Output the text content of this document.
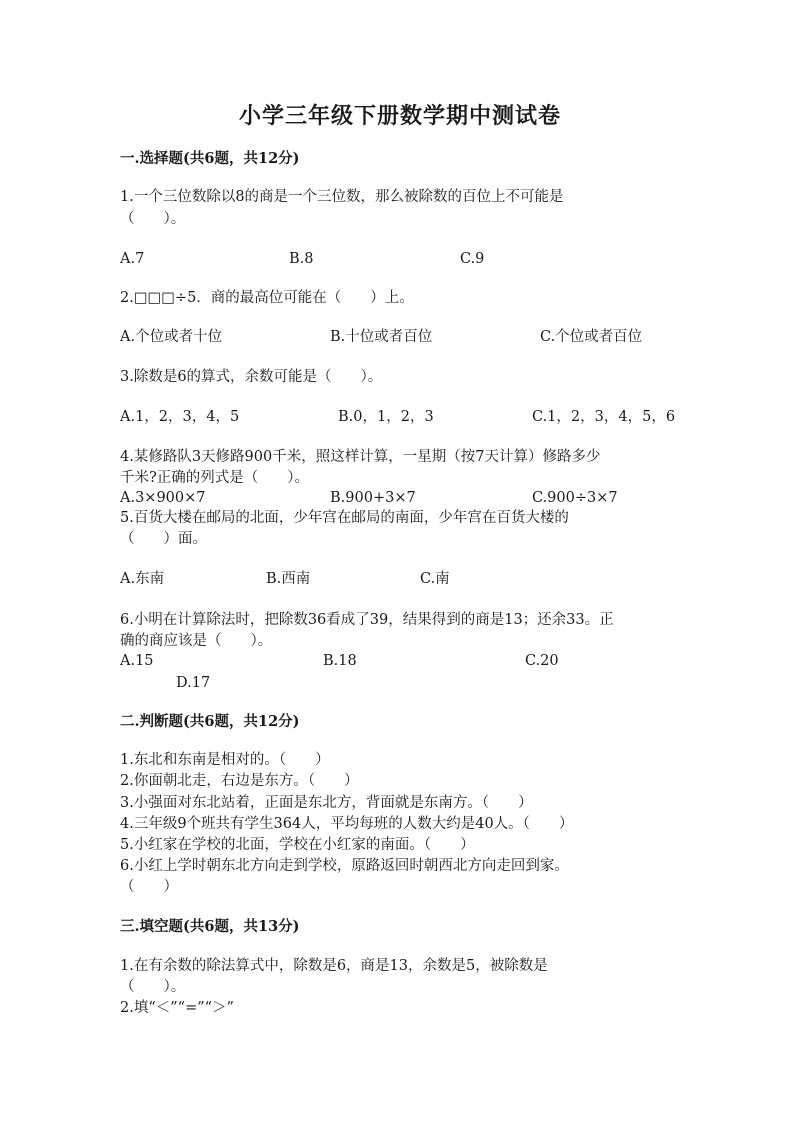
小学三年级下册数学期中测试卷
一.选择题(共6题，共12分)
1.一个三位数除以8的商是一个三位数，那么被除数的百位上不可能是
（　　）。
A.7	B.8	C.9
2.□□□÷5．商的最高位可能在（　　）上。
A.个位或者十位	B.十位或者百位	C.个位或者百位
3.除数是6的算式，余数可能是（　　）。
A.1，2，3，4，5	B.0，1，2，3	C.1，2，3，4，5，6
4.某修路队3天修路900千米，照这样计算，一星期（按7天计算）修路多少
千米?正确的列式是（　　）。
A.3×900×7	B.900+3×7	C.900÷3×7
5.百货大楼在邮局的北面，少年宫在邮局的南面，少年宫在百货大楼的
（　　）面。
A.东南	B.西南	C.南
6.小明在计算除法时，把除数36看成了39，结果得到的商是13；还余33。正
确的商应该是（　　）。
A.15	B.18	C.20
D.17
二.判断题(共6题，共12分)
1.东北和东南是相对的。（　　）
2.你面朝北走，右边是东方。（　　）
3.小强面对东北站着，正面是东北方，背面就是东南方。（　　）
4.三年级9个班共有学生364人，平均每班的人数大约是40人。（　　）
5.小红家在学校的北面，学校在小红家的南面。（　　）
6.小红上学时朝东北方向走到学校，原路返回时朝西北方向走回到家。
（　　）
三.填空题(共6题，共13分)
1.在有余数的除法算式中，除数是6，商是13，余数是5，被除数是
（　　）。
2.填“＜”“=”“＞”
